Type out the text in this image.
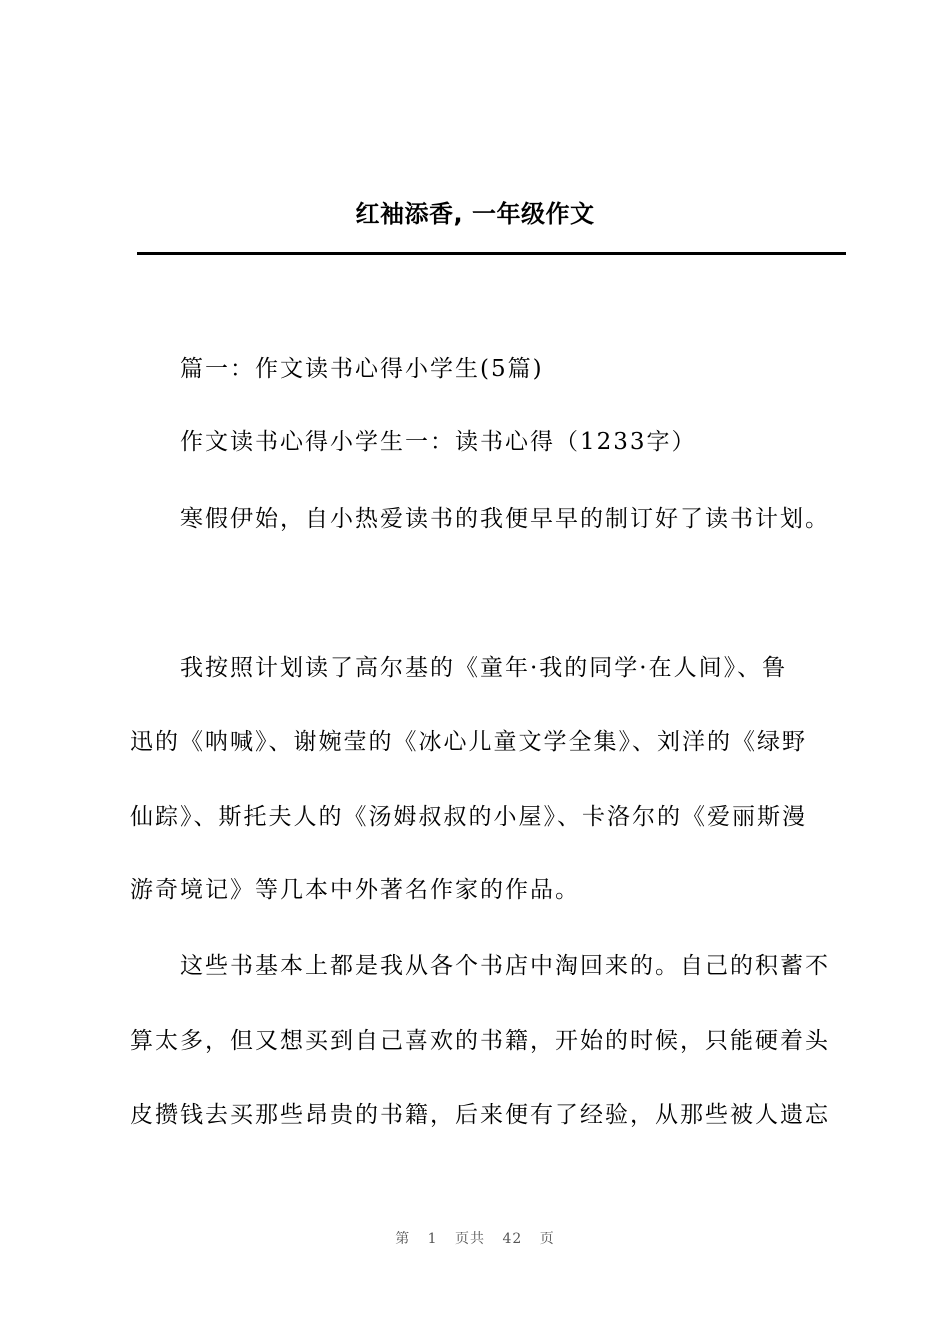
红袖添香, 一年级作文
篇一：作文读书心得小学生(5篇)
作文读书心得小学生一：读书心得（1233字）
寒假伊始，自小热爱读书的我便早早的制订好了读书计划。
我按照计划读了高尔基的《童年·我的同学·在人间》、鲁
迅的《呐喊》、谢婉莹的《冰心儿童文学全集》、刘洋的《绿野
仙踪》、斯托夫人的《汤姆叔叔的小屋》、卡洛尔的《爱丽斯漫
游奇境记》等几本中外著名作家的作品。
这些书基本上都是我从各个书店中淘回来的。自己的积蓄不
算太多，但又想买到自己喜欢的书籍，开始的时候，只能硬着头
皮攒钱去买那些昂贵的书籍，后来便有了经验，从那些被人遗忘
第 1 页共 42 页
